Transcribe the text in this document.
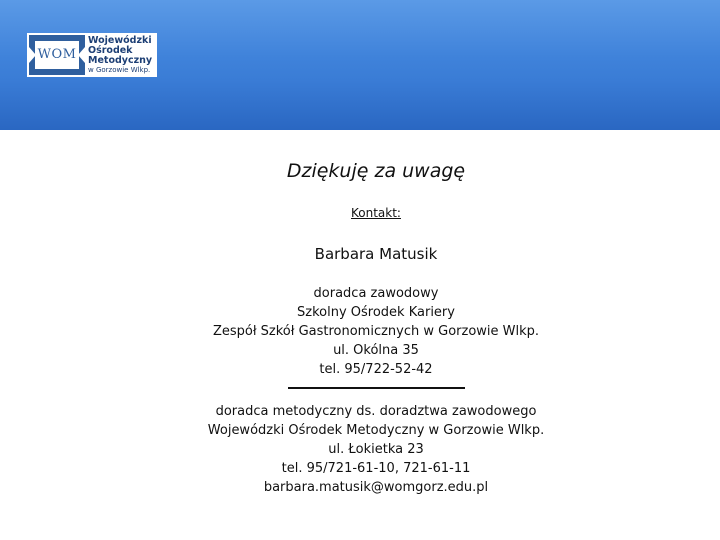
WOM
Wojewódzki
Ośrodek
Metodyczny
w Gorzowie Wlkp.
Dziękuję za uwagę
Kontakt:
Barbara Matusik
doradca zawodowy
Szkolny Ośrodek Kariery
Zespół Szkół Gastronomicznych w Gorzowie Wlkp.
ul. Okólna 35
tel. 95/722-52-42
doradca metodyczny ds. doradztwa zawodowego
Wojewódzki Ośrodek Metodyczny w Gorzowie Wlkp.
ul. Łokietka 23
tel. 95/721-61-10, 721-61-11
barbara.matusik@womgorz.edu.pl
